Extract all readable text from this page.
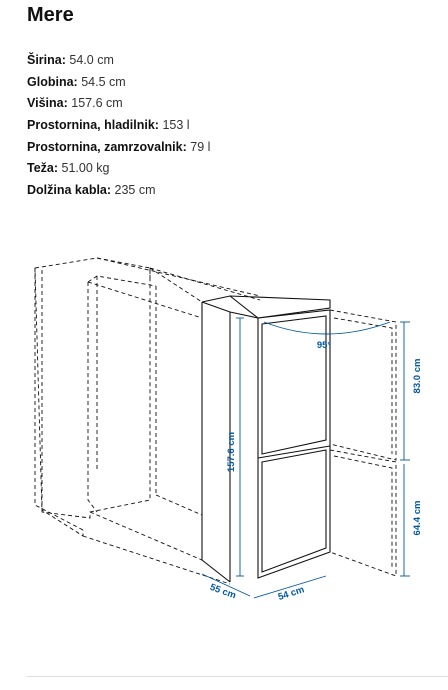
Mere
Širina: 54.0 cm
Globina: 54.5 cm
Višina: 157.6 cm
Prostornina, hladilnik: 153 l
Prostornina, zamrzovalnik: 79 l
Teža: 51.00 kg
Dolžina kabla: 235 cm
157.6 cm
55 cm	54 cm
95°
83.0 cm
64.4 cm
